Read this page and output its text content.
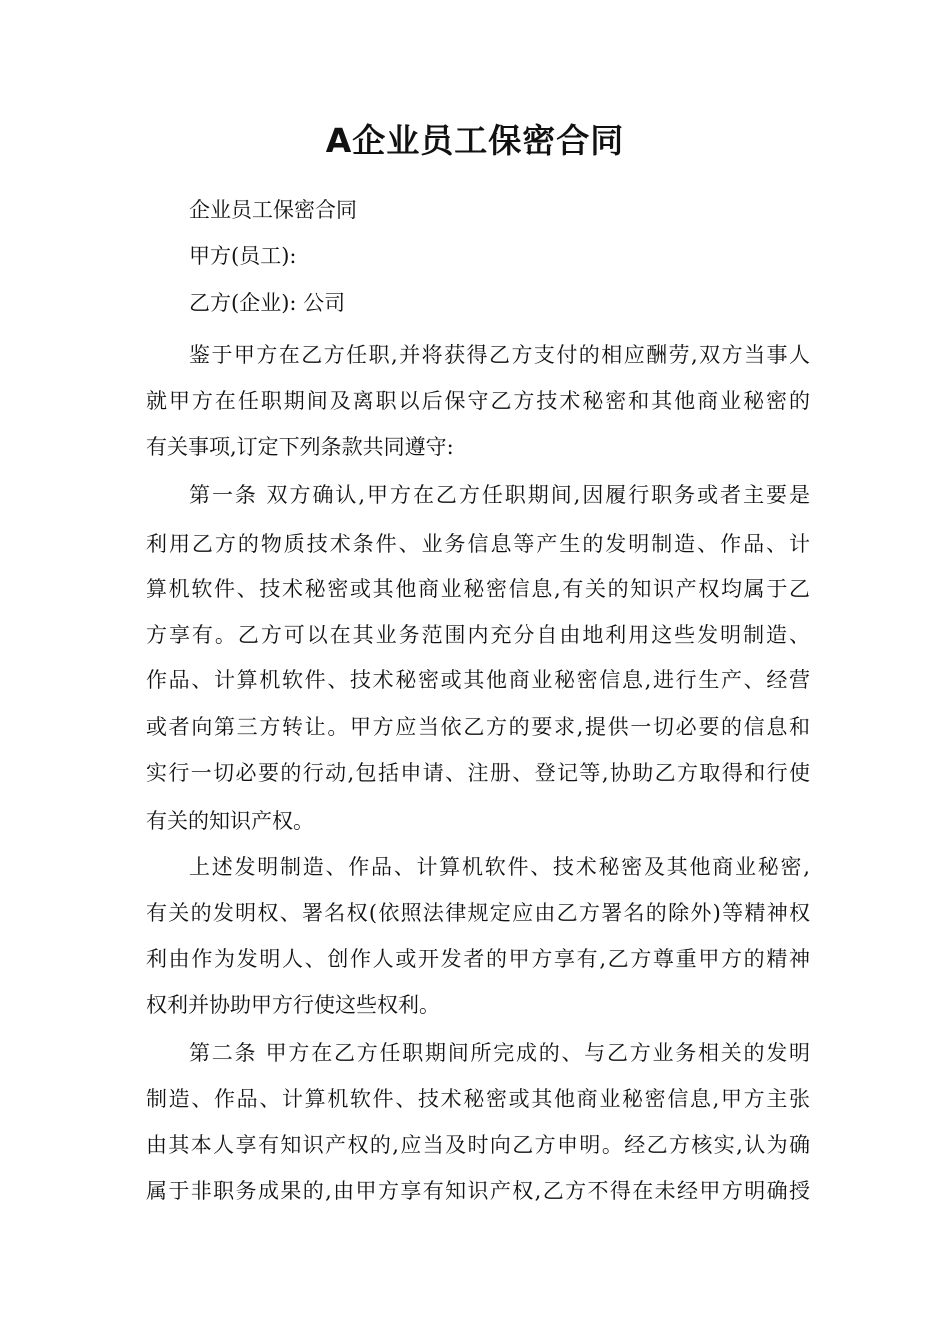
A企业员工保密合同

企业员工保密合同

甲方(员工):

乙方(企业): 公司

鉴于甲方在乙方任职,并将获得乙方支付的相应酬劳,双方当事人

就甲方在任职期间及离职以后保守乙方技术秘密和其他商业秘密的

有关事项,订定下列条款共同遵守:

第一条 双方确认,甲方在乙方任职期间,因履行职务或者主要是

利用乙方的物质技术条件、业务信息等产生的发明制造、作品、计

算机软件、技术秘密或其他商业秘密信息,有关的知识产权均属于乙

方享有。乙方可以在其业务范围内充分自由地利用这些发明制造、

作品、计算机软件、技术秘密或其他商业秘密信息,进行生产、经营

或者向第三方转让。甲方应当依乙方的要求,提供一切必要的信息和

实行一切必要的行动,包括申请、注册、登记等,协助乙方取得和行使

有关的知识产权。

上述发明制造、作品、计算机软件、技术秘密及其他商业秘密,

有关的发明权、署名权(依照法律规定应由乙方署名的除外)等精神权

利由作为发明人、创作人或开发者的甲方享有,乙方尊重甲方的精神

权利并协助甲方行使这些权利。

第二条 甲方在乙方任职期间所完成的、与乙方业务相关的发明

制造、作品、计算机软件、技术秘密或其他商业秘密信息,甲方主张

由其本人享有知识产权的,应当及时向乙方申明。经乙方核实,认为确

属于非职务成果的,由甲方享有知识产权,乙方不得在未经甲方明确授
